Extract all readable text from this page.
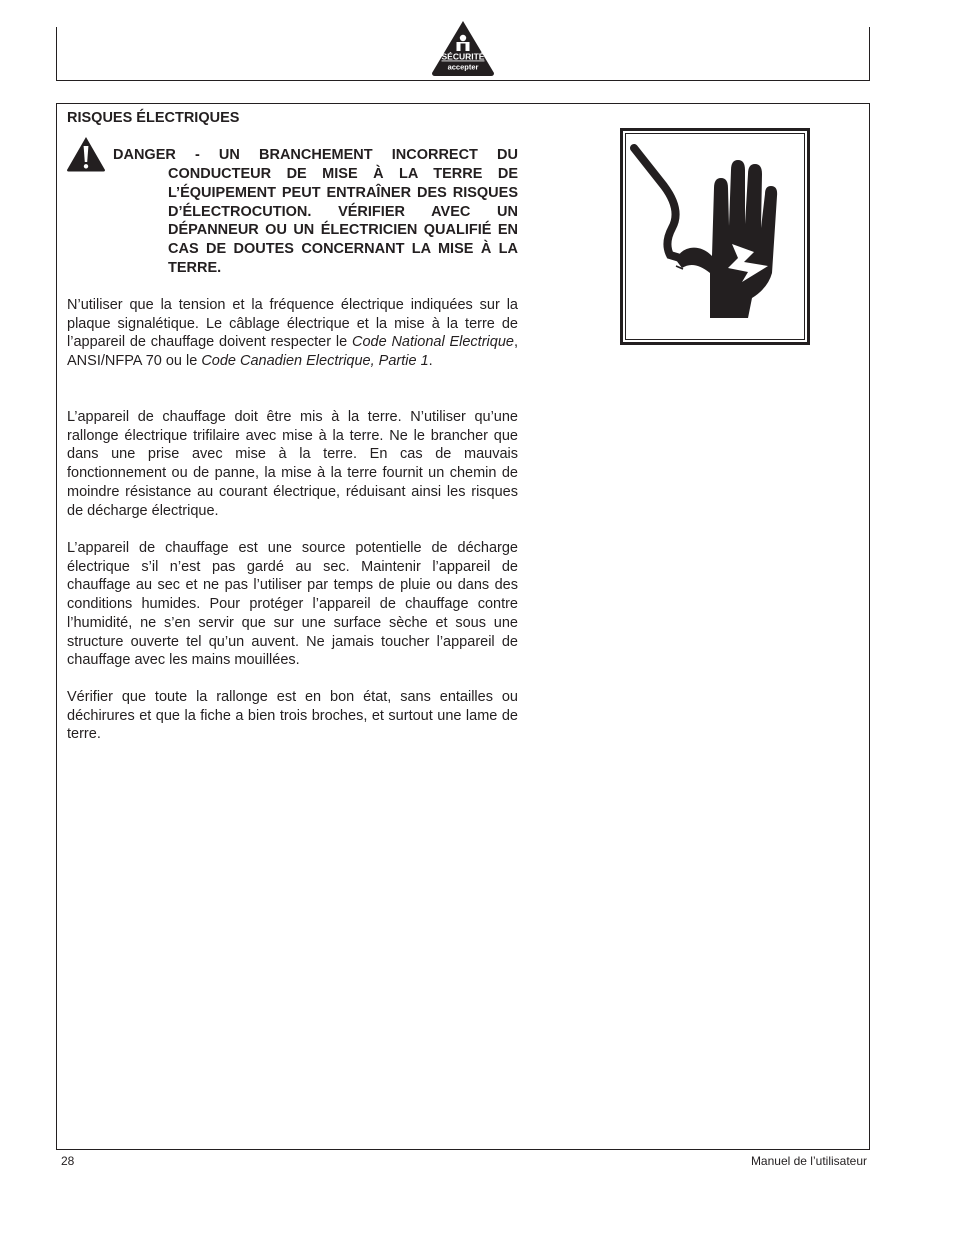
SÉCURITÉ
accepter
RISQUES ÉLECTRIQUES
DANGER - UN BRANCHEMENT INCORRECT DU
CONDUCTEUR DE MISE À LA TERRE DE L’ÉQUIPEMENT PEUT ENTRAÎNER DES RISQUES D’ÉLECTROCUTION. VÉRIFIER AVEC UN DÉPANNEUR OU UN ÉLECTRICIEN QUALIFIÉ EN CAS DE DOUTES CONCERNANT LA MISE À LA TERRE.

N’utiliser que la tension et la fréquence électrique indiquées sur la plaque signalétique. Le câblage électrique et la mise à la terre de l’appareil de chauffage doivent respecter le Code National Electrique, ANSI/NFPA 70 ou le Code Canadien Electrique, Partie 1.

L’appareil de chauffage doit être mis à la terre. N’utiliser qu’une rallonge électrique trifilaire avec mise à la terre. Ne le brancher que dans une prise avec mise à la terre. En cas de mauvais fonctionnement ou de panne, la mise à la terre fournit un chemin de moindre résistance au courant électrique, réduisant ainsi les risques de décharge électrique.

L’appareil de chauffage est une source potentielle de décharge électrique s’il n’est pas gardé au sec. Maintenir l’appareil de chauffage au sec et ne pas l’utiliser par temps de pluie ou dans des conditions humides. Pour protéger l’appareil de chauffage contre l’humidité, ne s’en servir que sur une surface sèche et sous une structure ouverte tel qu’un auvent. Ne jamais toucher l’appareil de chauffage avec les mains mouillées.

Vérifier que toute la rallonge est en bon état, sans entailles ou déchirures et que la fiche a bien trois broches, et surtout une lame de terre.

28	Manuel de l’utilisateur
